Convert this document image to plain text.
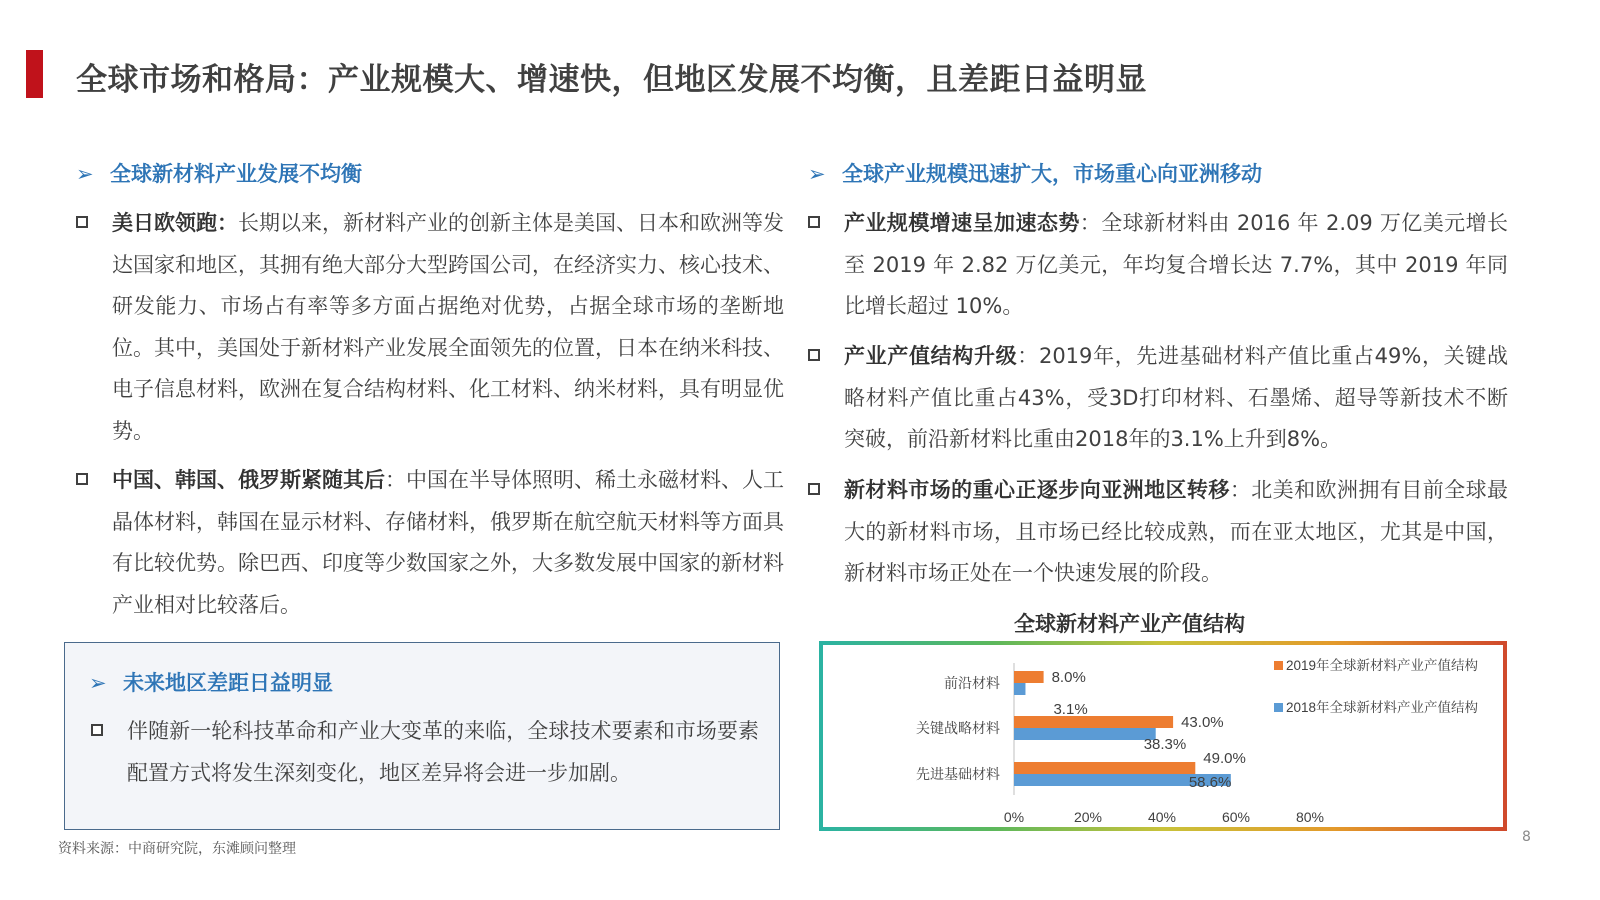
全球市场和格局：产业规模大、增速快，但地区发展不均衡，且差距日益明显
➢ 全球新材料产业发展不均衡
美日欧领跑：长期以来，新材料产业的创新主体是美国、日本和欧洲等发达国家和地区，其拥有绝大部分大型跨国公司，在经济实力、核心技术、研发能力、市场占有率等多方面占据绝对优势，占据全球市场的垄断地位。其中，美国处于新材料产业发展全面领先的位置，日本在纳米科技、电子信息材料，欧洲在复合结构材料、化工材料、纳米材料，具有明显优势。
中国、韩国、俄罗斯紧随其后：中国在半导体照明、稀土永磁材料、人工晶体材料，韩国在显示材料、存储材料，俄罗斯在航空航天材料等方面具有比较优势。除巴西、印度等少数国家之外，大多数发展中国家的新材料产业相对比较落后。
➢ 未来地区差距日益明显
伴随新一轮科技革命和产业大变革的来临，全球技术要素和市场要素配置方式将发生深刻变化，地区差异将会进一步加剧。
➢ 全球产业规模迅速扩大，市场重心向亚洲移动
产业规模增速呈加速态势：全球新材料由 2016 年 2.09 万亿美元增长至 2019 年 2.82 万亿美元，年均复合增长达 7.7%，其中 2019 年同比增长超过 10%。
产业产值结构升级：2019年，先进基础材料产值比重占49%，关键战略材料产值比重占43%，受3D打印材料、石墨烯、超导等新技术不断突破，前沿新材料比重由2018年的3.1%上升到8%。
新材料市场的重心正逐步向亚洲地区转移：北美和欧洲拥有目前全球最大的新材料市场，且市场已经比较成熟，而在亚太地区，尤其是中国，新材料市场正处在一个快速发展的阶段。
全球新材料产业产值结构
前沿材料
关键战略材料
先进基础材料
8.0%
43.0%
49.0%
3.1%
38.3%
58.6%
0%	20%	40%	60%	80%
2019年全球新材料产业产值结构
2018年全球新材料产业产值结构
资料来源：中商研究院，东滩顾问整理
8
